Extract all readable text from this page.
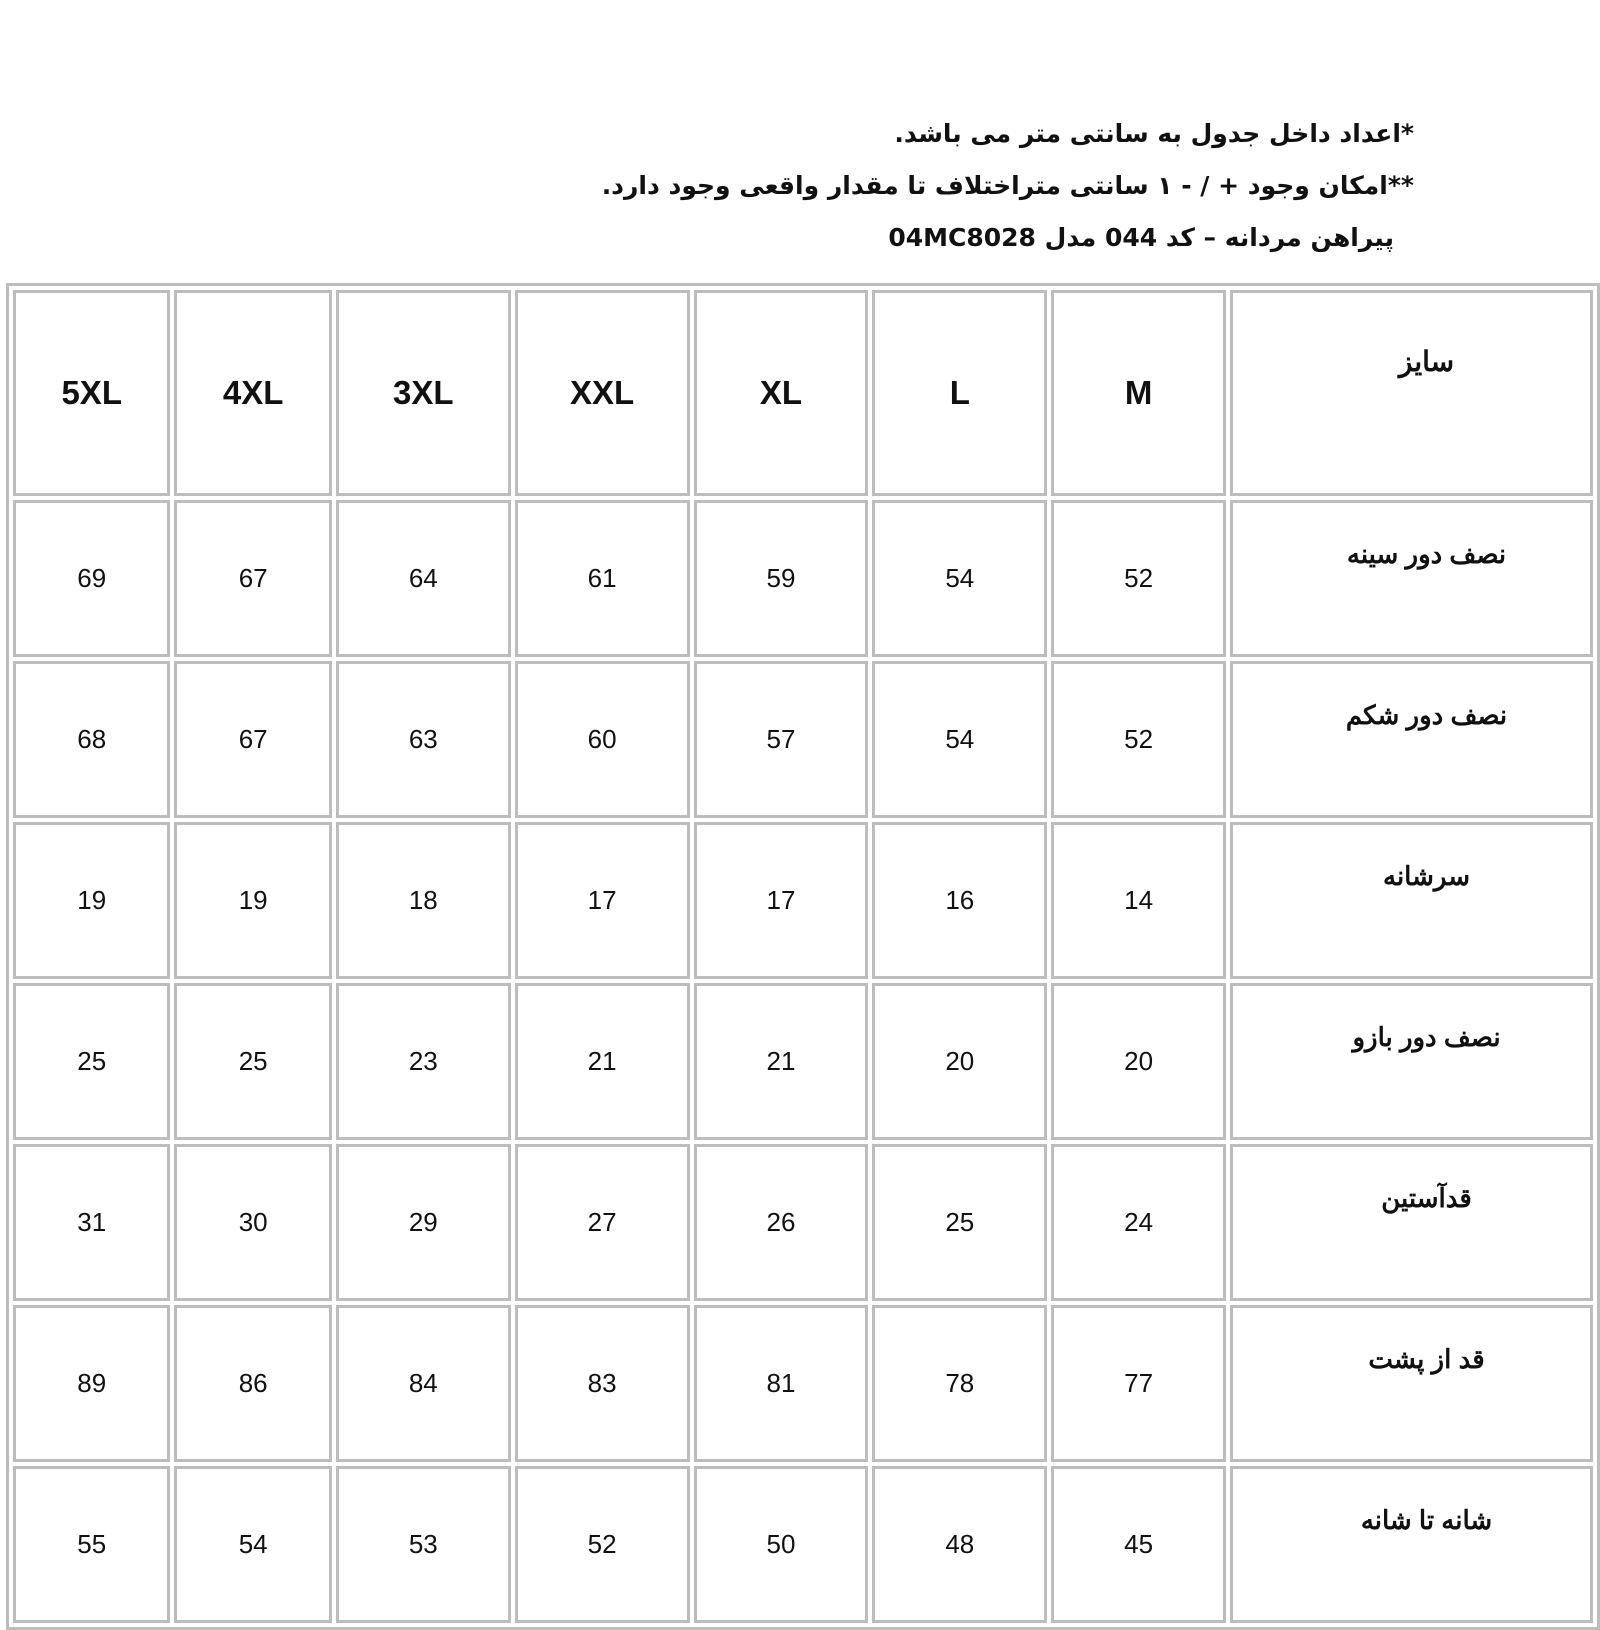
*اعداد داخل جدول به سانتی متر می باشد.
**امکان وجود + / - ۱ سانتی متراختلاف تا مقدار واقعی وجود دارد.
پیراهن مردانه – کد 044 مدل 04MC8028
5XL	4XL	3XL	XXL	XL	L	M	سایز
69	67	64	61	59	54	52	نصف دور سینه
68	67	63	60	57	54	52	نصف دور شکم
19	19	18	17	17	16	14	سرشانه
25	25	23	21	21	20	20	نصف دور بازو
31	30	29	27	26	25	24	قدآستین
89	86	84	83	81	78	77	قد از پشت
55	54	53	52	50	48	45	شانه تا شانه
